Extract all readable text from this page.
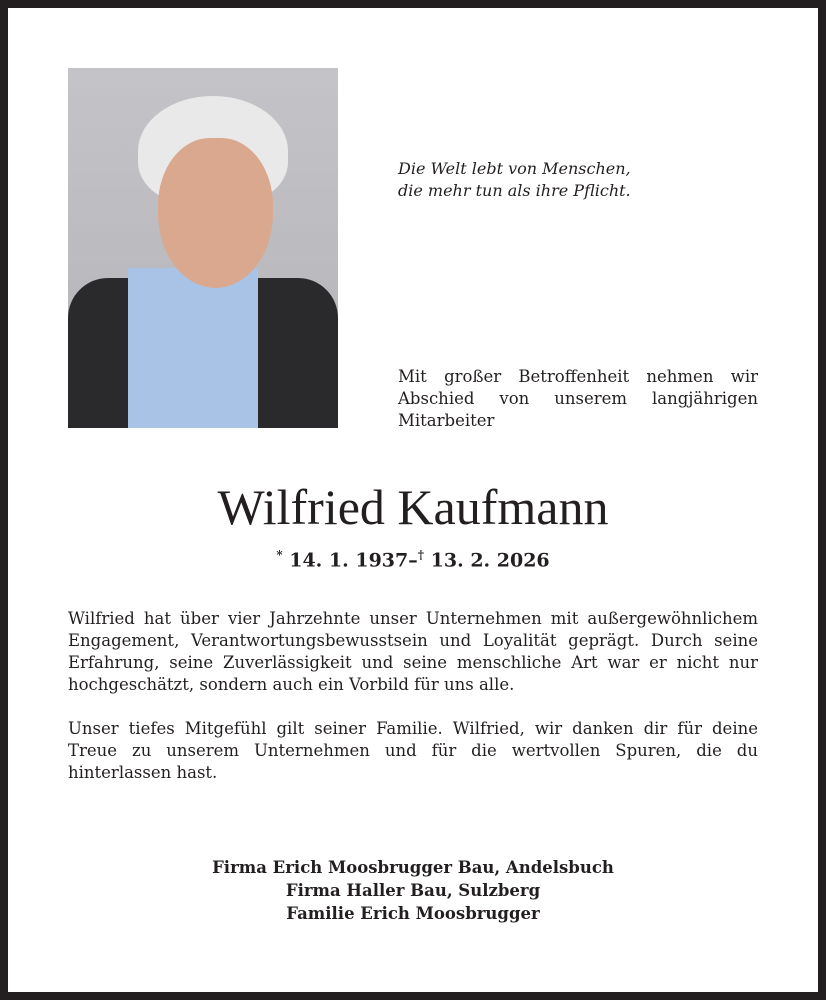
Die Welt lebt von Menschen,
die mehr tun als ihre Pflicht.
Mit großer Betroffenheit nehmen wir Abschied von unserem langjährigen Mitarbeiter
Wilfried Kaufmann
* 14. 1. 1937–† 13. 2. 2026

Wilfried hat über vier Jahrzehnte unser Unternehmen mit außergewöhnlichem Engagement, Verantwortungsbewusstsein und Loyalität geprägt. Durch seine Erfahrung, seine Zuverlässigkeit und seine menschliche Art war er nicht nur hochgeschätzt, sondern auch ein Vorbild für uns alle.

Unser tiefes Mitgefühl gilt seiner Familie. Wilfried, wir danken dir für deine Treue zu unserem Unternehmen und für die wertvollen Spuren, die du hinterlassen hast.

Firma Erich Moosbrugger Bau, Andelsbuch
Firma Haller Bau, Sulzberg
Familie Erich Moosbrugger
